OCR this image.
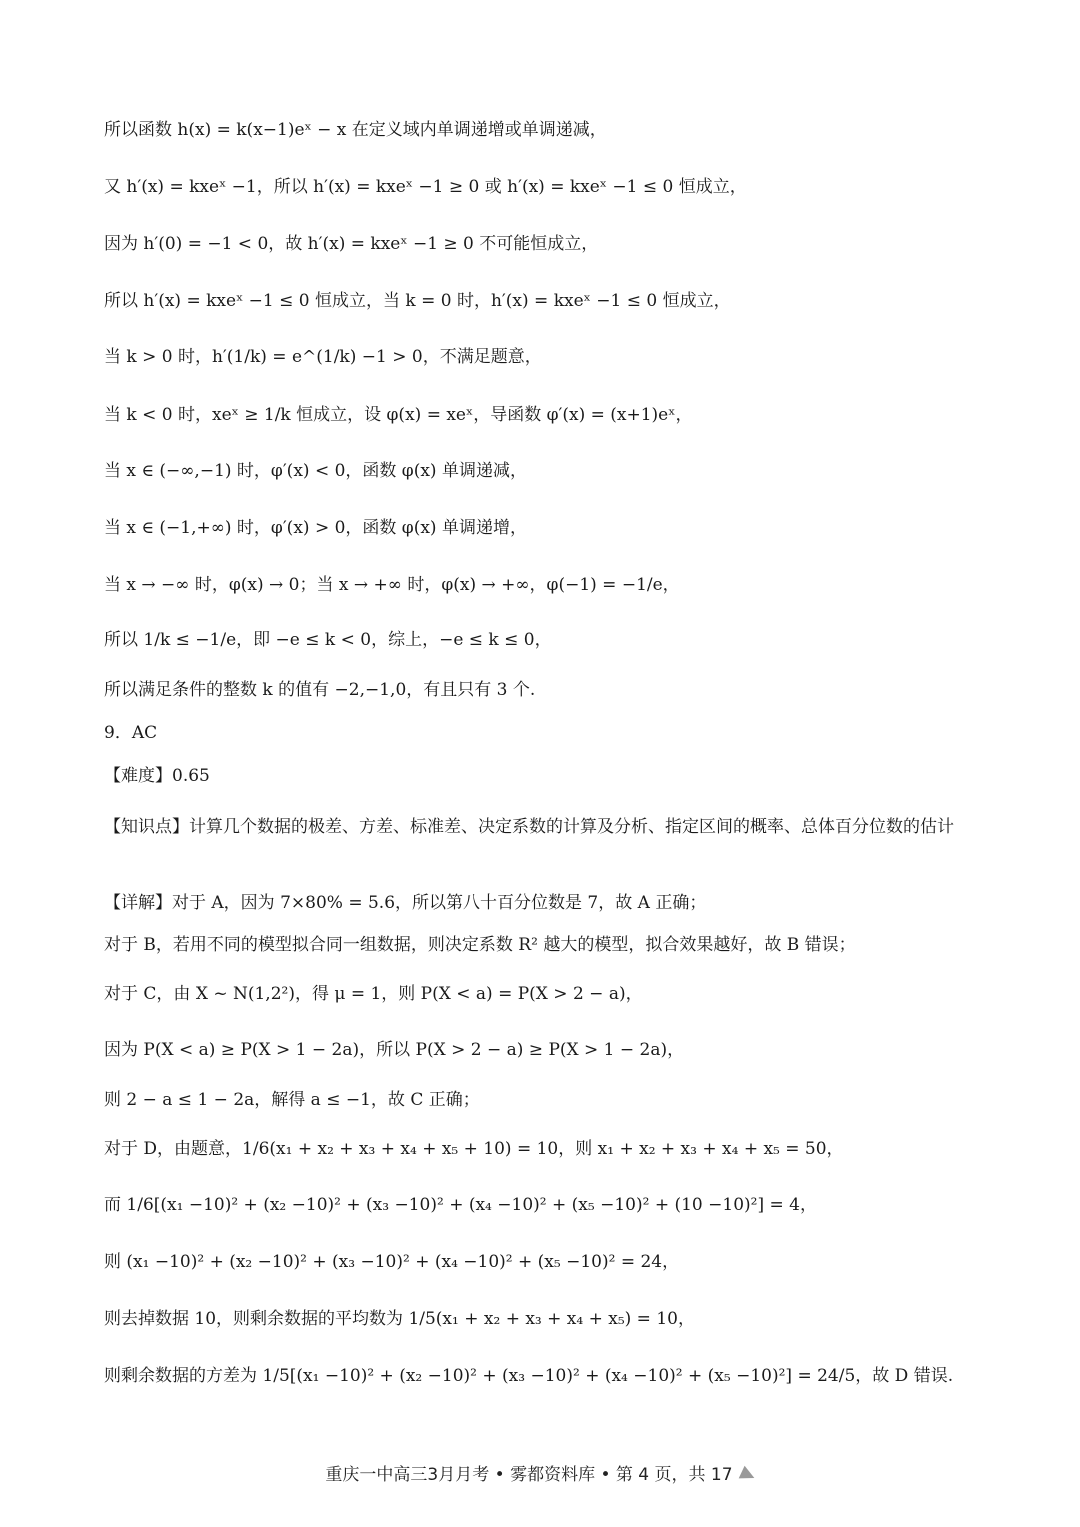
所以函数 h(x) = k(x−1)eˣ − x 在定义域内单调递增或单调递减，
又 h′(x) = kxeˣ −1，所以 h′(x) = kxeˣ −1 ≥ 0 或 h′(x) = kxeˣ −1 ≤ 0 恒成立，
因为 h′(0) = −1 < 0，故 h′(x) = kxeˣ −1 ≥ 0 不可能恒成立，
所以 h′(x) = kxeˣ −1 ≤ 0 恒成立，当 k = 0 时，h′(x) = kxeˣ −1 ≤ 0 恒成立，
当 k > 0 时，h′(1/k) = e^(1/k) −1 > 0，不满足题意，
当 k < 0 时，xeˣ ≥ 1/k 恒成立，设 φ(x) = xeˣ，导函数 φ′(x) = (x+1)eˣ，
当 x ∈ (−∞,−1) 时，φ′(x) < 0，函数 φ(x) 单调递减，
当 x ∈ (−1,+∞) 时，φ′(x) > 0，函数 φ(x) 单调递增，
当 x → −∞ 时，φ(x) → 0；当 x → +∞ 时，φ(x) → +∞，φ(−1) = −1/e，
所以 1/k ≤ −1/e，即 −e ≤ k < 0，综上，−e ≤ k ≤ 0，
所以满足条件的整数 k 的值有 −2,−1,0，有且只有 3 个.
9．AC
【难度】0.65
【知识点】计算几个数据的极差、方差、标准差、决定系数的计算及分析、指定区间的概率、总体百分位数的估计
【详解】对于 A，因为 7×80% = 5.6，所以第八十百分位数是 7，故 A 正确；
对于 B，若用不同的模型拟合同一组数据，则决定系数 R² 越大的模型，拟合效果越好，故 B 错误；
对于 C，由 X ~ N(1,2²)，得 μ = 1，则 P(X < a) = P(X > 2 − a)，
因为 P(X < a) ≥ P(X > 1 − 2a)，所以 P(X > 2 − a) ≥ P(X > 1 − 2a)，
则 2 − a ≤ 1 − 2a，解得 a ≤ −1，故 C 正确；
对于 D，由题意，1/6(x₁ + x₂ + x₃ + x₄ + x₅ + 10) = 10，则 x₁ + x₂ + x₃ + x₄ + x₅ = 50，
而 1/6[(x₁ −10)² + (x₂ −10)² + (x₃ −10)² + (x₄ −10)² + (x₅ −10)² + (10 −10)²] = 4，
则 (x₁ −10)² + (x₂ −10)² + (x₃ −10)² + (x₄ −10)² + (x₅ −10)² = 24，
则去掉数据 10，则剩余数据的平均数为 1/5(x₁ + x₂ + x₃ + x₄ + x₅) = 10，
则剩余数据的方差为 1/5[(x₁ −10)² + (x₂ −10)² + (x₃ −10)² + (x₄ −10)² + (x₅ −10)²] = 24/5，故 D 错误.
重庆一中高三3月月考 • 雾都资料库 • 第 4 页，共 17
